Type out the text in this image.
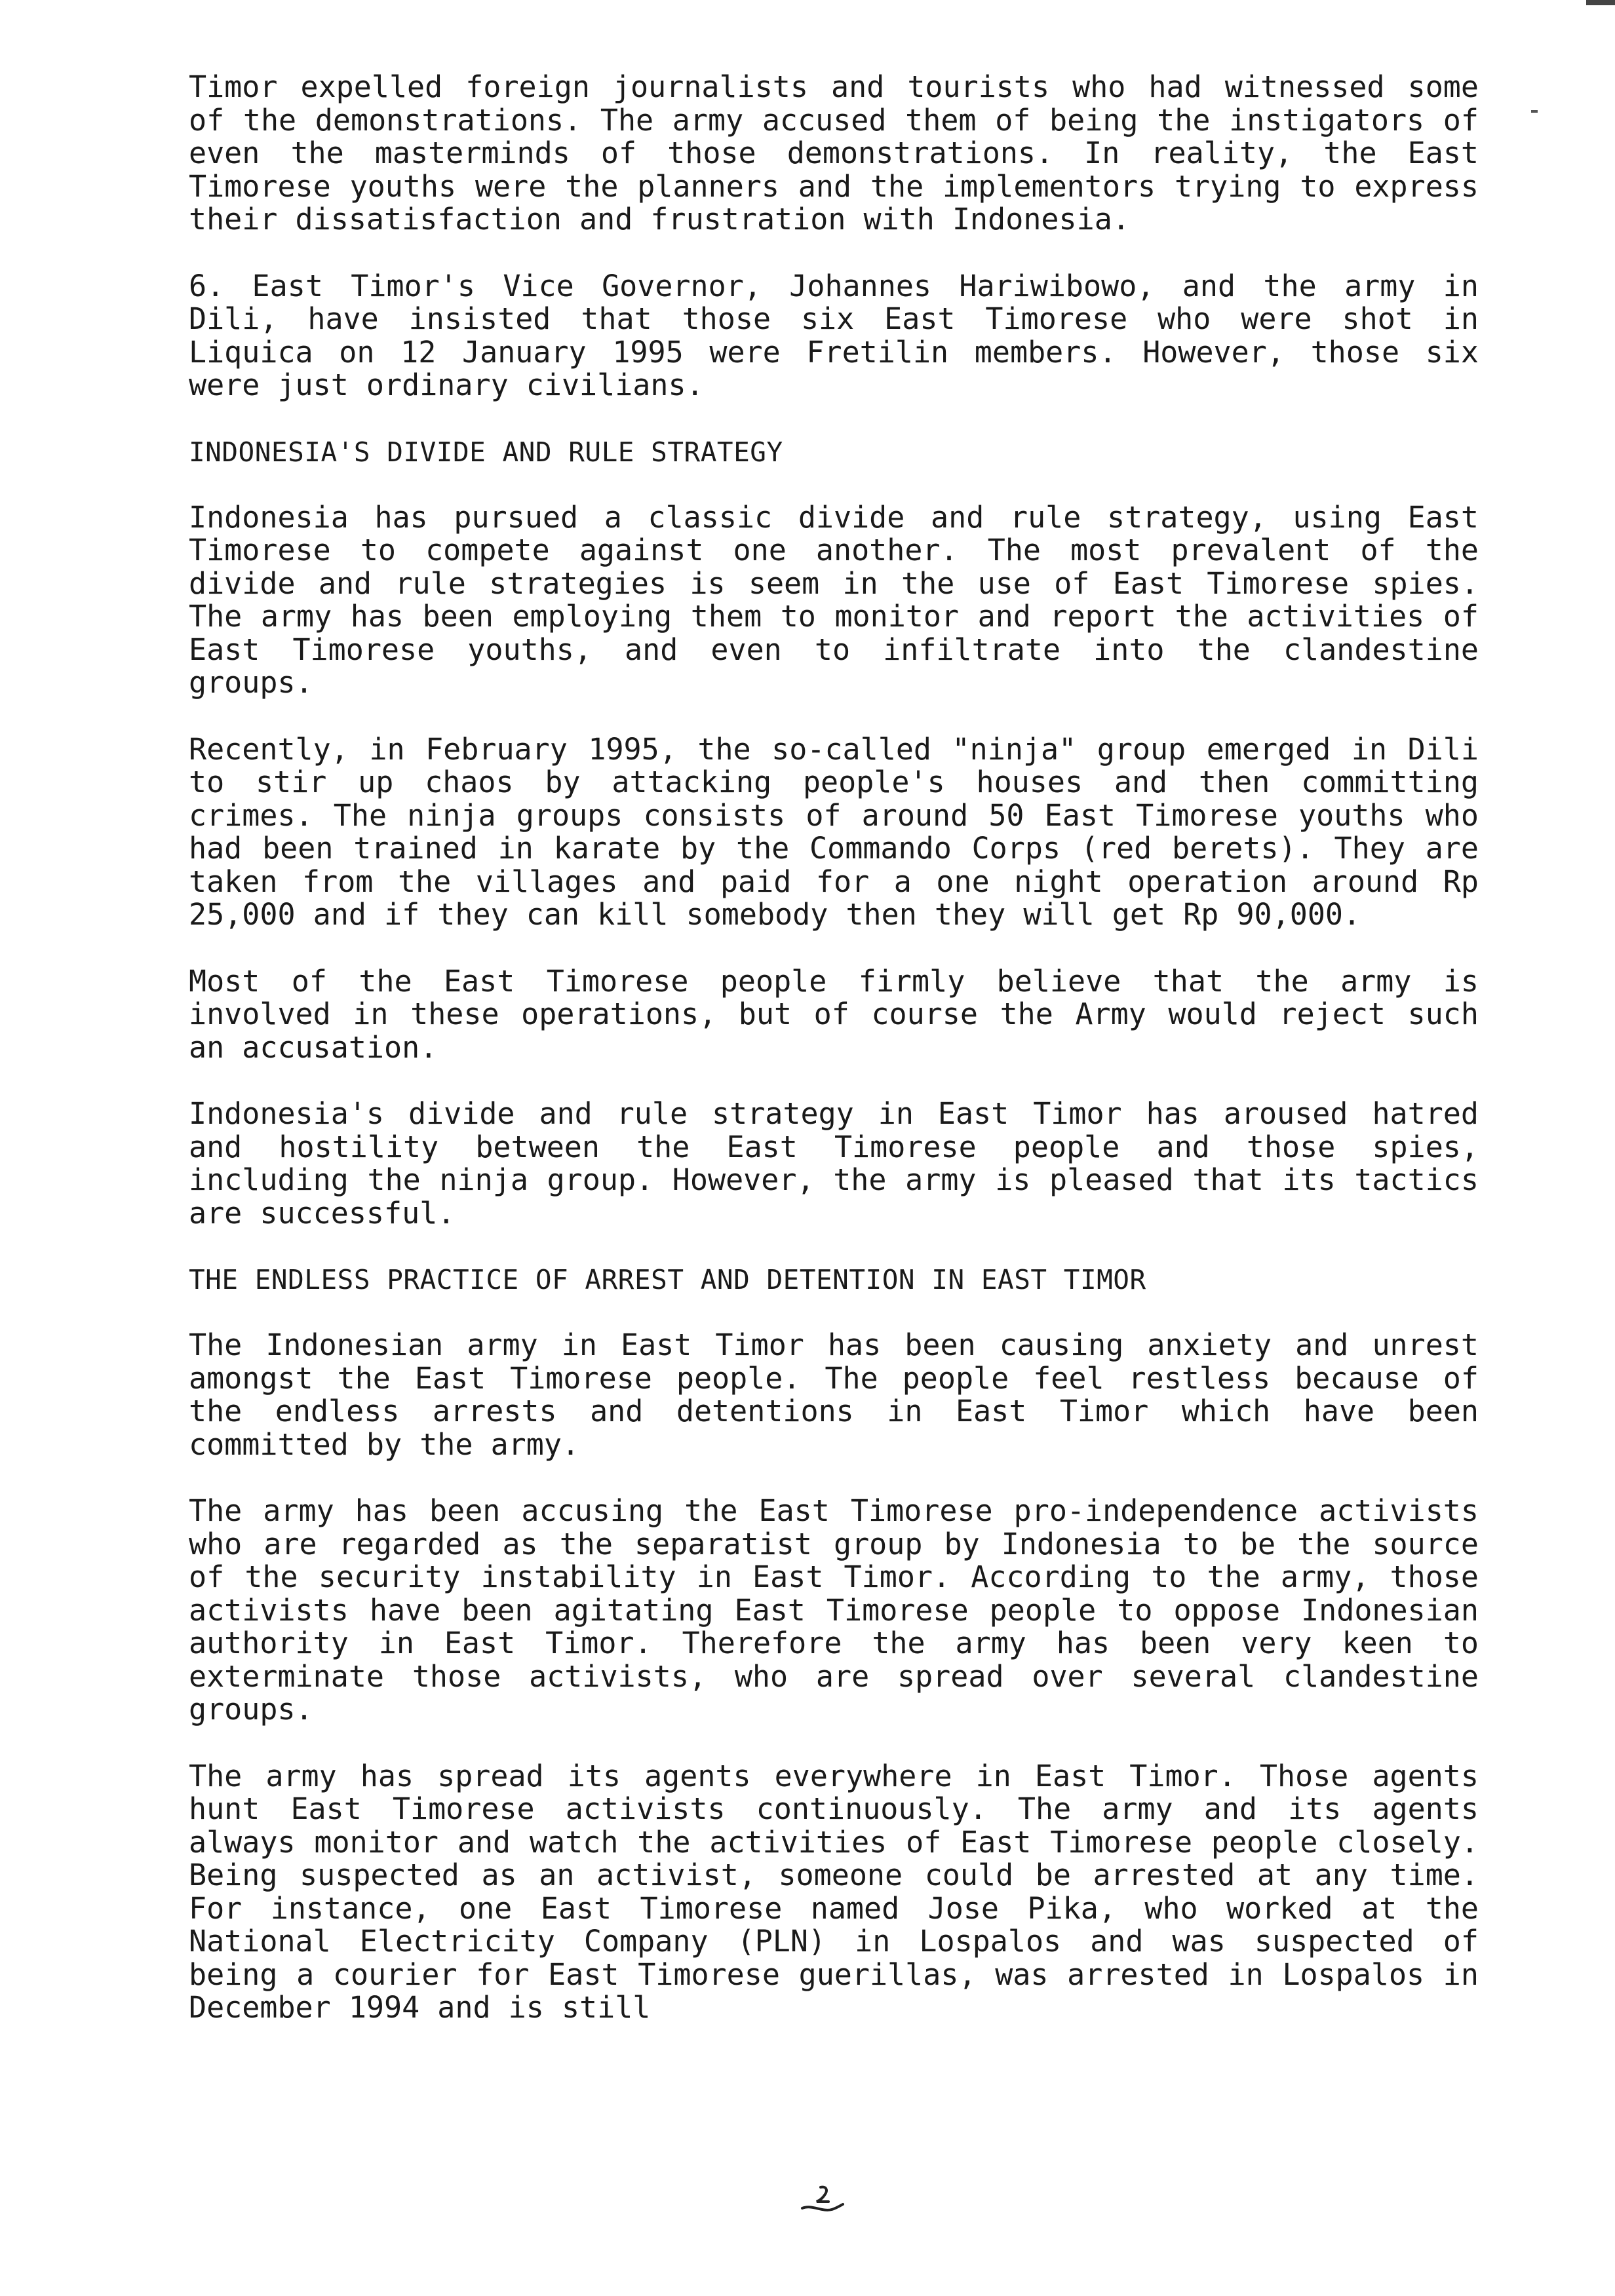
Timor expelled foreign journalists and tourists who had witnessed some of the demonstrations. The army accused them of being the instigators of even the masterminds of those demonstrations. In reality, the East Timorese youths were the planners and the implementors trying to express their dissatisfaction and frustration with Indonesia.

6. East Timor's Vice Governor, Johannes Hariwibowo, and the army in Dili, have insisted that those six East Timorese who were shot in Liquica on 12 January 1995 were Fretilin members. However, those six were just ordinary civilians.

INDONESIA'S DIVIDE AND RULE STRATEGY

Indonesia has pursued a classic divide and rule strategy, using East Timorese to compete against one another. The most prevalent of the divide and rule strategies is seem in the use of East Timorese spies. The army has been employing them to monitor and report the activities of East Timorese youths, and even to infiltrate into the clandestine groups.

Recently, in February 1995, the so-called "ninja" group emerged in Dili to stir up chaos by attacking people's houses and then committing crimes. The ninja groups consists of around 50 East Timorese youths who had been trained in karate by the Commando Corps (red berets). They are taken from the villages and paid for a one night operation around Rp 25,000 and if they can kill somebody then they will get Rp 90,000.

Most of the East Timorese people firmly believe that the army is involved in these operations, but of course the Army would reject such an accusation.

Indonesia's divide and rule strategy in East Timor has aroused hatred and hostility between the East Timorese people and those spies, including the ninja group. However, the army is pleased that its tactics are successful.

THE ENDLESS PRACTICE OF ARREST AND DETENTION IN EAST TIMOR

The Indonesian army in East Timor has been causing anxiety and unrest amongst the East Timorese people. The people feel restless because of the endless arrests and detentions in East Timor which have been committed by the army.

The army has been accusing the East Timorese pro-independence activists who are regarded as the separatist group by Indonesia to be the source of the security instability in East Timor. According to the army, those activists have been agitating East Timorese people to oppose Indonesian authority in East Timor. Therefore the army has been very keen to exterminate those activists, who are spread over several clandestine groups.

The army has spread its agents everywhere in East Timor. Those agents hunt East Timorese activists continuously. The army and its agents always monitor and watch the activities of East Timorese people closely. Being suspected as an activist, someone could be arrested at any time. For instance, one East Timorese named Jose Pika, who worked at the National Electricity Company (PLN) in Lospalos and was suspected of being a courier for East Timorese guerillas, was arrested in Lospalos in December 1994 and is still
